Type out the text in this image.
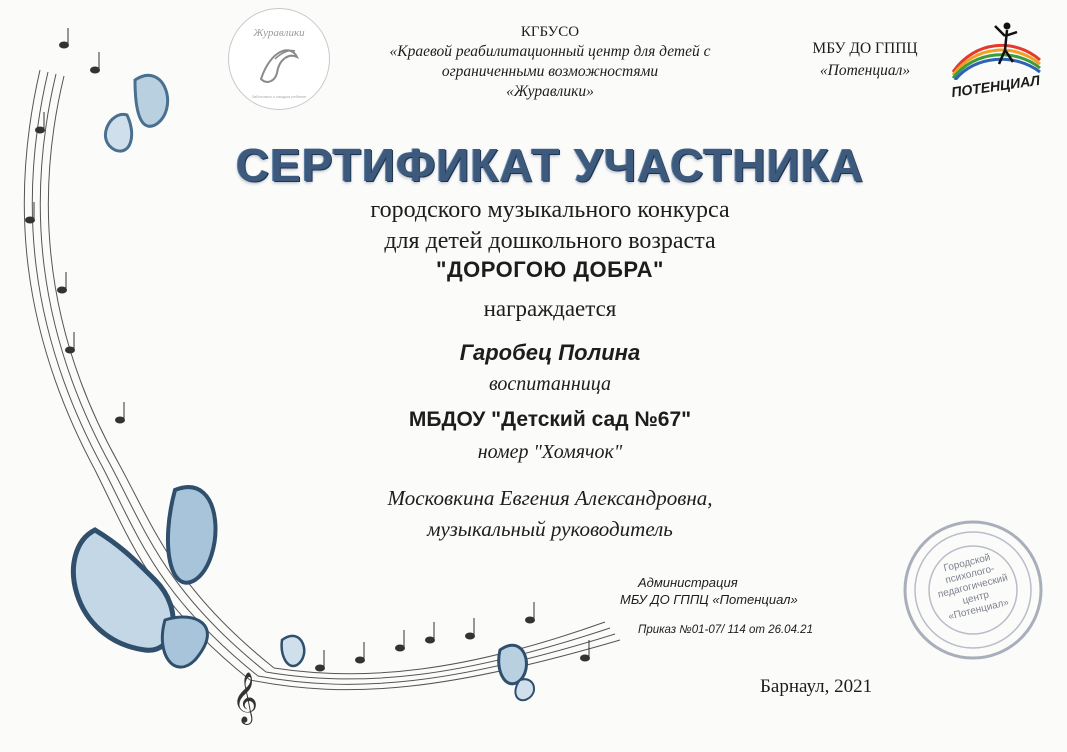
𝄞
Журавлики
Заботимся о каждом ребенке
КГБУСО
«Краевой реабилитационный центр для детей с
ограниченными возможностями
«Журавлики»
МБУ ДО ГППЦ
«Потенциал»
ПОТЕНЦИАЛ
СЕРТИФИКАТ УЧАСТНИКА
городского музыкального конкурса
для детей дошкольного возраста
"ДОРОГОЮ ДОБРА"
награждается
Гаробец Полина
воспитанница
МБДОУ "Детский сад №67"
номер "Хомячок"
Московкина Евгения Александровна,
музыкальный руководитель
Администрация
МБУ ДО ГППЦ «Потенциал»
Приказ №01-07/ 114 от 26.04.21
Городской психолого-педагогический центр «Потенциал»
Барнаул, 2021
